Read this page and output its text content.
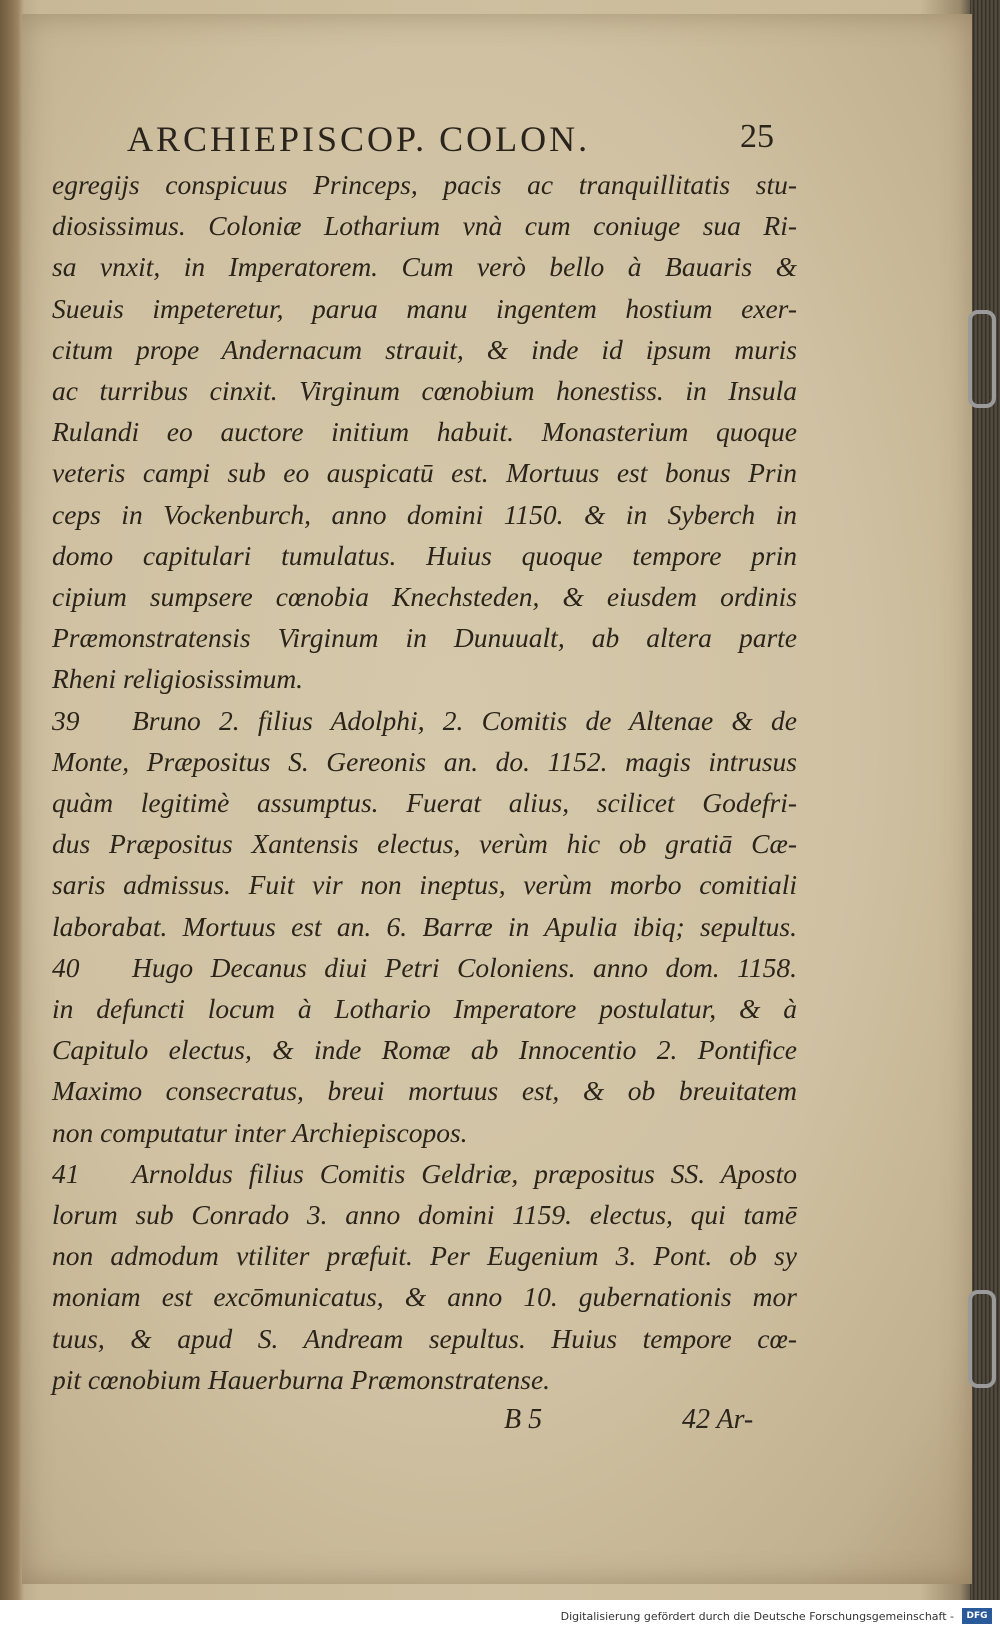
ARCHIEPISCOP. COLON.	25

egregijs conspicuus Princeps, pacis ac tranquillitatis stu-

diosissimus. Coloniæ Lotharium vnà cum coniuge sua Ri-

sa vnxit, in Imperatorem. Cum verò bello à Bauaris &

Sueuis impeteretur, parua manu ingentem hostium exer-

citum prope Andernacum strauit, & inde id ipsum muris

ac turribus cinxit. Virginum cœnobium honestiss. in Insula

Rulandi eo auctore initium habuit. Monasterium quoque

veteris campi sub eo auspicatū est. Mortuus est bonus Prin

ceps in Vockenburch, anno domini 1150. & in Syberch in

domo capitulari tumulatus. Huius quoque tempore prin

cipium sumpsere cœnobia Knechsteden, & eiusdem ordinis

Præmonstratensis Virginum in Dunuualt, ab altera parte

Rheni religiosissimum.

39 Bruno 2. filius Adolphi, 2. Comitis de Altenae & de

Monte, Præpositus S. Gereonis an. do. 1152. magis intrusus

quàm legitimè assumptus. Fuerat alius, scilicet Godefri-

dus Præpositus Xantensis electus, verùm hic ob gratiā Cæ-

saris admissus. Fuit vir non ineptus, verùm morbo comitiali

laborabat. Mortuus est an. 6. Barræ in Apulia ibiq; sepultus.

40 Hugo Decanus diui Petri Coloniens. anno dom. 1158.

in defuncti locum à Lothario Imperatore postulatur, & à

Capitulo electus, & inde Romæ ab Innocentio 2. Pontifice

Maximo consecratus, breui mortuus est, & ob breuitatem

non computatur inter Archiepiscopos.

41 Arnoldus filius Comitis Geldriæ, præpositus SS. Aposto

lorum sub Conrado 3. anno domini 1159. electus, qui tamē

non admodum vtiliter præfuit. Per Eugenium 3. Pont. ob sy

moniam est excōmunicatus, & anno 10. gubernationis mor

tuus, & apud S. Andream sepultus. Huius tempore cœ-

pit cœnobium Hauerburna Præmonstratense.

B 5	42 Ar-
Digitalisierung gefördert durch die Deutsche Forschungsgemeinschaft -	DFG
